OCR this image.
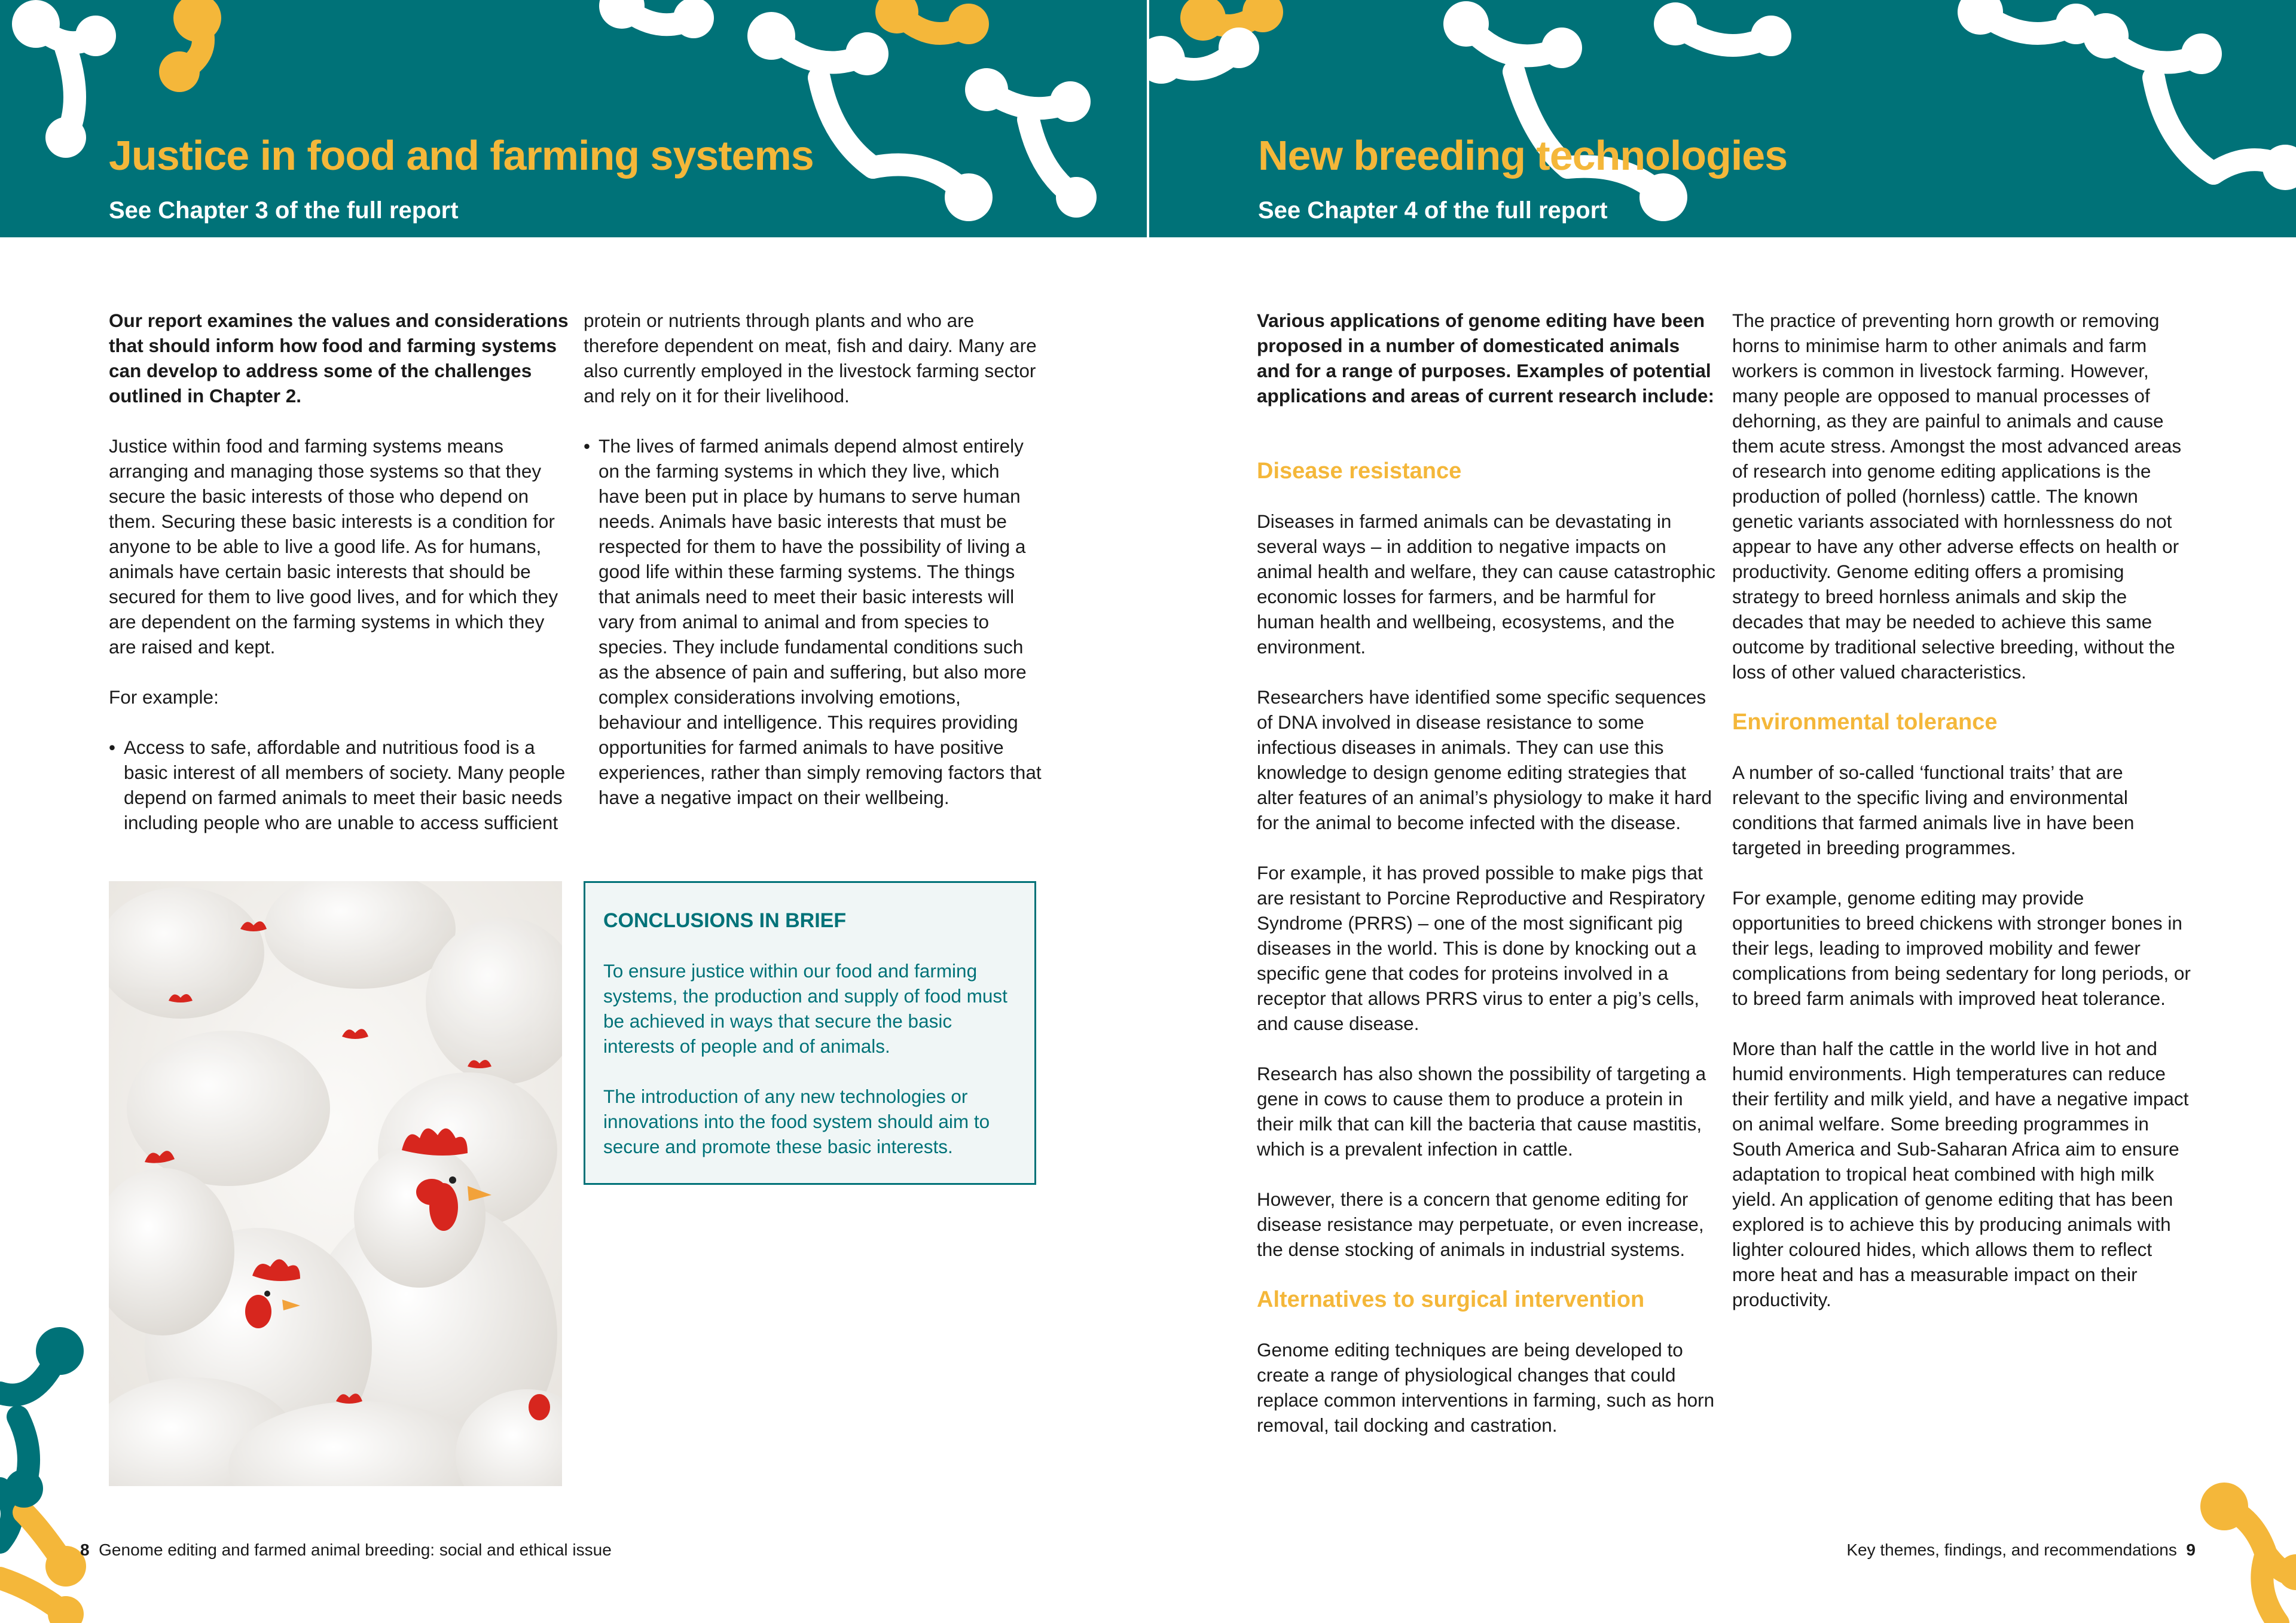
Justice in food and farming systems
See Chapter 3 of the full report
New breeding technologies
See Chapter 4 of the full report

Our report examines the values and considerations that should inform how food and farming systems can develop to address some of the challenges outlined in Chapter 2.

Justice within food and farming systems means arranging and managing those systems so that they secure the basic interests of those who depend on them. Securing these basic interests is a condition for anyone to be able to live a good life. As for humans, animals have certain basic interests that should be secured for them to live good lives, and for which they are dependent on the farming systems in which they are raised and kept.

For example:

• Access to safe, affordable and nutritious food is a basic interest of all members of society. Many people depend on farmed animals to meet their basic needs including people who are unable to access sufficient

protein or nutrients through plants and who are therefore dependent on meat, fish and dairy. Many are also currently employed in the livestock farming sector and rely on it for their livelihood.

• The lives of farmed animals depend almost entirely on the farming systems in which they live, which have been put in place by humans to serve human needs. Animals have basic interests that must be respected for them to have the possibility of living a good life within these farming systems. The things that animals need to meet their basic interests will vary from animal to animal and from species to species. They include fundamental conditions such as the absence of pain and suffering, but also more complex considerations involving emotions, behaviour and intelligence. This requires providing opportunities for farmed animals to have positive experiences, rather than simply removing factors that have a negative impact on their wellbeing.
CONCLUSIONS IN BRIEF

To ensure justice within our food and farming systems, the production and supply of food must be achieved in ways that secure the basic interests of people and of animals.

The introduction of any new technologies or innovations into the food system should aim to secure and promote these basic interests.

Various applications of genome editing have been proposed in a number of domesticated animals and for a range of purposes. Examples of potential applications and areas of current research include:

Disease resistance

Diseases in farmed animals can be devastating in several ways – in addition to negative impacts on animal health and welfare, they can cause catastrophic economic losses for farmers, and be harmful for human health and wellbeing, ecosystems, and the environment.

Researchers have identified some specific sequences of DNA involved in disease resistance to some infectious diseases in animals. They can use this knowledge to design genome editing strategies that alter features of an animal’s physiology to make it hard for the animal to become infected with the disease.

For example, it has proved possible to make pigs that are resistant to Porcine Reproductive and Respiratory Syndrome (PRRS) – one of the most significant pig diseases in the world. This is done by knocking out a specific gene that codes for proteins involved in a receptor that allows PRRS virus to enter a pig’s cells, and cause disease.

Research has also shown the possibility of targeting a gene in cows to cause them to produce a protein in their milk that can kill the bacteria that cause mastitis, which is a prevalent infection in cattle.

However, there is a concern that genome editing for disease resistance may perpetuate, or even increase, the dense stocking of animals in industrial systems.

Alternatives to surgical intervention

Genome editing techniques are being developed to create a range of physiological changes that could replace common interventions in farming, such as horn removal, tail docking and castration.

The practice of preventing horn growth or removing horns to minimise harm to other animals and farm workers is common in livestock farming. However, many people are opposed to manual processes of dehorning, as they are painful to animals and cause them acute stress. Amongst the most advanced areas of research into genome editing applications is the production of polled (hornless) cattle. The known genetic variants associated with hornlessness do not appear to have any other adverse effects on health or productivity. Genome editing offers a promising strategy to breed hornless animals and skip the decades that may be needed to achieve this same outcome by traditional selective breeding, without the loss of other valued characteristics.

Environmental tolerance

A number of so-called ‘functional traits’ that are relevant to the specific living and environmental conditions that farmed animals live in have been targeted in breeding programmes.

For example, genome editing may provide opportunities to breed chickens with stronger bones in their legs, leading to improved mobility and fewer complications from being sedentary for long periods, or to breed farm animals with improved heat tolerance.

More than half the cattle in the world live in hot and humid environments. High temperatures can reduce their fertility and milk yield, and have a negative impact on animal welfare. Some breeding programmes in South America and Sub-Saharan Africa aim to ensure adaptation to tropical heat combined with high milk yield. An application of genome editing that has been explored is to achieve this by producing animals with lighter coloured hides, which allows them to reflect more heat and has a measurable impact on their productivity.

8 Genome editing and farmed animal breeding: social and ethical issue	Key themes, findings, and recommendations 9
